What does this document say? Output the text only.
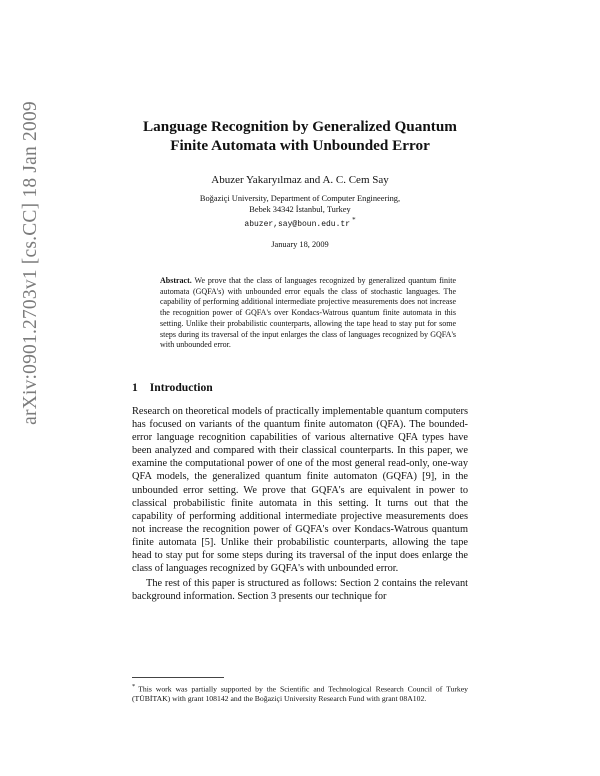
arXiv:0901.2703v1 [cs.CC] 18 Jan 2009	Language Recognition by Generalized Quantum
Finite Automata with Unbounded Error
Abuzer Yakaryılmaz and A. C. Cem Say
Boğaziçi University, Department of Computer Engineering,
Bebek 34342 İstanbul, Turkey
abuzer,say@boun.edu.tr *
January 18, 2009
Abstract. We prove that the class of languages recognized by generalized quantum finite automata (GQFA's) with unbounded error equals the class of stochastic languages. The capability of performing additional intermediate projective measurements does not increase the recognition power of GQFA's over Kondacs-Watrous quantum finite automata in this setting. Unlike their probabilistic counterparts, allowing the tape head to stay put for some steps during its traversal of the input enlarges the class of languages recognized by GQFA's with unbounded error.
1 Introduction

Research on theoretical models of practically implementable quantum computers has focused on variants of the quantum finite automaton (QFA). The bounded-error language recognition capabilities of various alternative QFA types have been analyzed and compared with their classical counterparts. In this paper, we examine the computational power of one of the most general read-only, one-way QFA models, the generalized quantum finite automaton (GQFA) [9], in the unbounded error setting. We prove that GQFA's are equivalent in power to classical probabilistic finite automata in this setting. It turns out that the capability of performing additional intermediate projective measurements does not increase the recognition power of GQFA's over Kondacs-Watrous quantum finite automata [5]. Unlike their probabilistic counterparts, allowing the tape head to stay put for some steps during its traversal of the input does enlarge the class of languages recognized by GQFA's with unbounded error.

The rest of this paper is structured as follows: Section 2 contains the relevant background information. Section 3 presents our technique for

* This work was partially supported by the Scientific and Technological Research Council of Turkey (TÜBİTAK) with grant 108142 and the Boğaziçi University Research Fund with grant 08A102.
